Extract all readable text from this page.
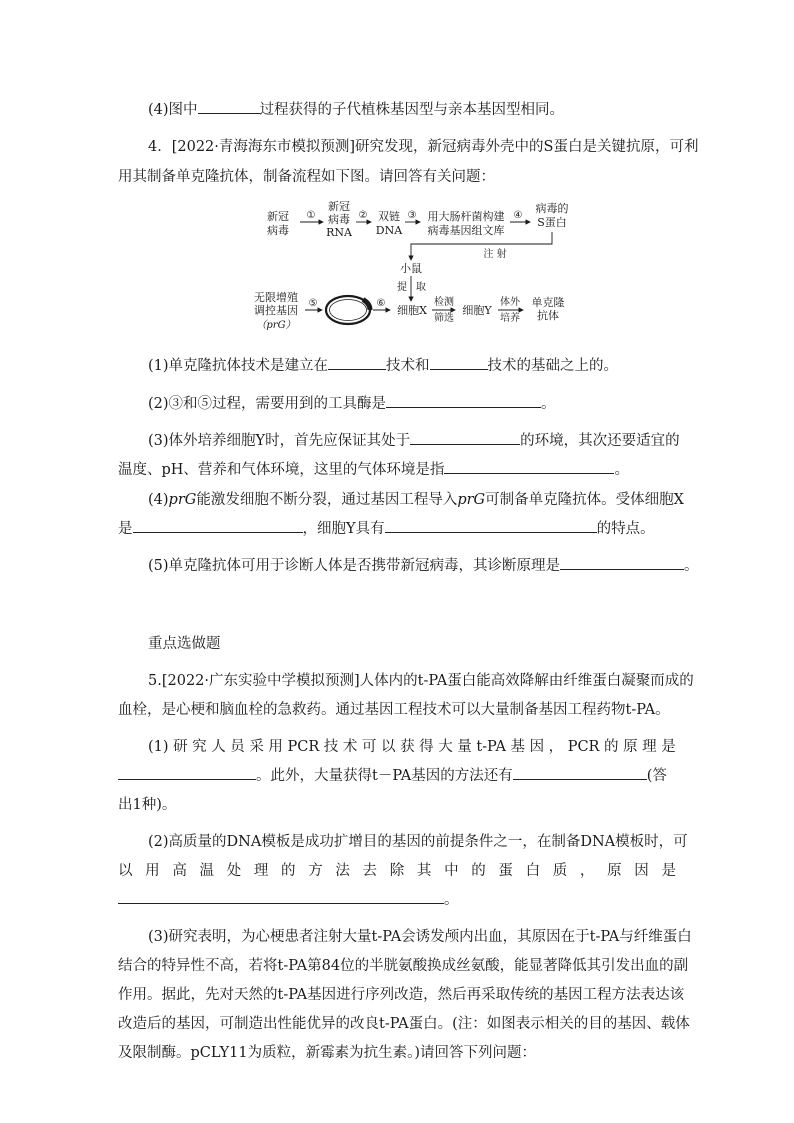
(4)图中	过程获得的子代植株基因型与亲本基因型相同。
4．[2022·青海海东市模拟预测]研究发现，新冠病毒外壳中的S蛋白是关键抗原，可利
用其制备单克隆抗体，制备流程如下图。请回答有关问题：
新冠
病毒
新冠
病毒
RNA
双链
DNA
用大肠杆菌构建
病毒基因组文库
病毒的
S蛋白
①	②	③	④
注 射
小鼠
提 取
无限增殖
调控基因
（prG）
⑤	⑥
细胞X
检测
筛选
细胞Y
体外
培养
单克隆
抗体
(1)单克隆抗体技术是建立在	技术和	技术的基础之上的。
(2)③和⑤过程，需要用到的工具酶是	。
(3)体外培养细胞Y时，首先应保证其处于	的环境，其次还要适宜的
温度、pH、营养和气体环境，这里的气体环境是指	。
(4)prG能激发细胞不断分裂，通过基因工程导入prG可制备单克隆抗体。受体细胞X
是	，细胞Y具有	的特点。
(5)单克隆抗体可用于诊断人体是否携带新冠病毒，其诊断原理是	。
重点选做题
5.[2022·广东实验中学模拟预测]人体内的t-PA蛋白能高效降解由纤维蛋白凝聚而成的
血栓，是心梗和脑血栓的急救药。通过基因工程技术可以大量制备基因工程药物t-PA。
(1) 研 究 人 员 采 用 PCR 技 术 可 以 获 得 大 量 t-PA 基 因 ， PCR 的 原 理 是
。此外，大量获得t－PA基因的方法还有	(答
出1种)。
(2)高质量的DNA模板是成功扩增目的基因的前提条件之一，在制备DNA模板时，可
以 用 高 温 处 理 的 方 法 去 除 其 中 的 蛋 白 质 ， 原 因 是
。
(3)研究表明，为心梗患者注射大量t-PA会诱发颅内出血，其原因在于t-PA与纤维蛋白
结合的特异性不高，若将t-PA第84位的半胱氨酸换成丝氨酸，能显著降低其引发出血的副
作用。据此，先对天然的t-PA基因进行序列改造，然后再采取传统的基因工程方法表达该
改造后的基因，可制造出性能优异的改良t-PA蛋白。(注：如图表示相关的目的基因、载体
及限制酶。pCLY11为质粒，新霉素为抗生素。)请回答下列问题：
